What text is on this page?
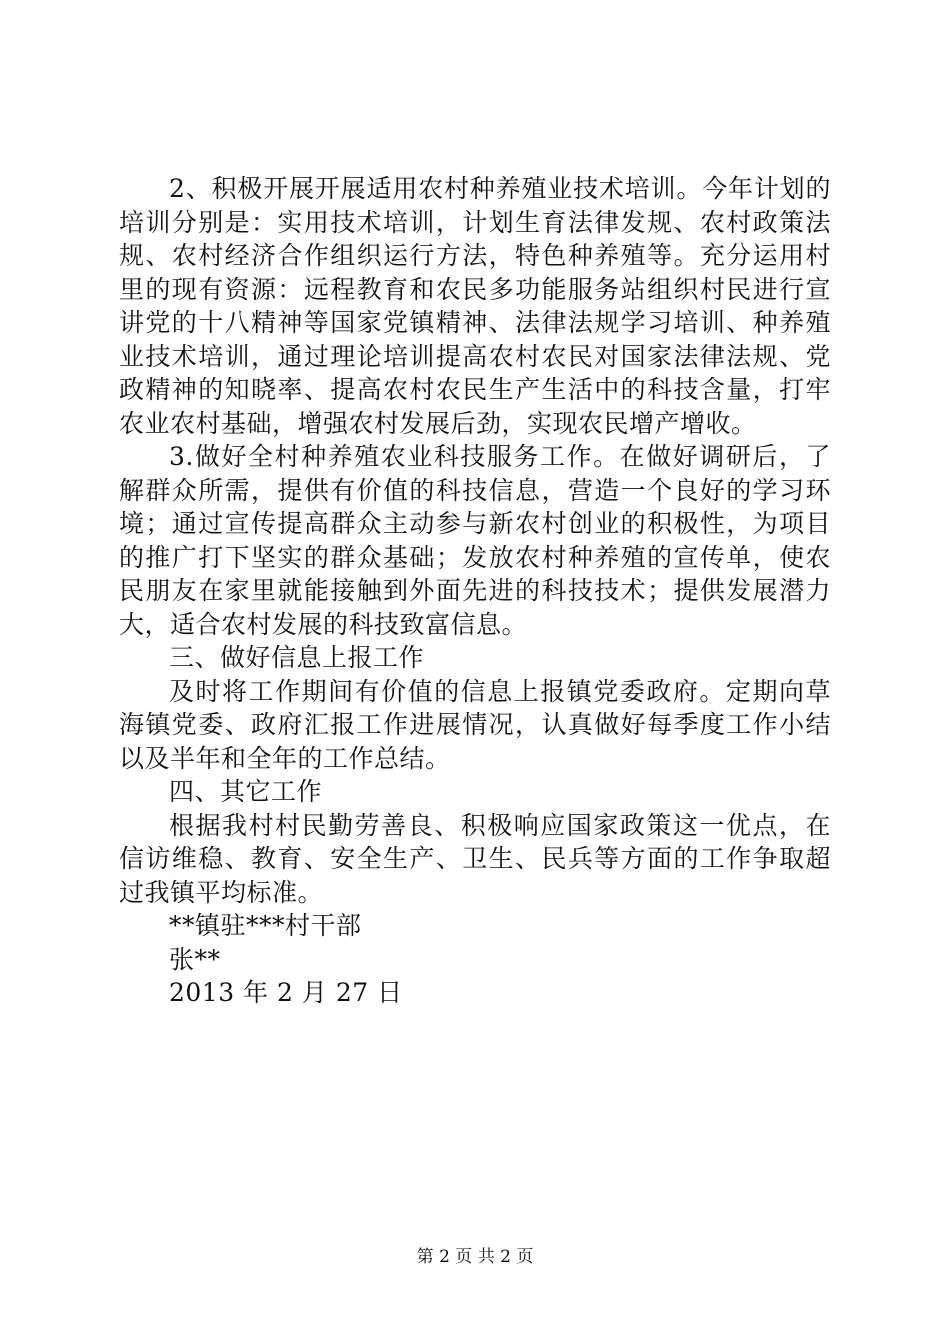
2、积极开展开展适用农村种养殖业技术培训。今年计划的培训分别是：实用技术培训，计划生育法律发规、农村政策法规、农村经济合作组织运行方法，特色种养殖等。充分运用村里的现有资源：远程教育和农民多功能服务站组织村民进行宣讲党的十八精神等国家党镇精神、法律法规学习培训、种养殖业技术培训，通过理论培训提高农村农民对国家法律法规、党政精神的知晓率、提高农村农民生产生活中的科技含量，打牢农业农村基础，增强农村发展后劲，实现农民增产增收。

3.做好全村种养殖农业科技服务工作。在做好调研后，了解群众所需，提供有价值的科技信息，营造一个良好的学习环境；通过宣传提高群众主动参与新农村创业的积极性，为项目的推广打下坚实的群众基础；发放农村种养殖的宣传单，使农民朋友在家里就能接触到外面先进的科技技术；提供发展潜力大，适合农村发展的科技致富信息。

三、做好信息上报工作

及时将工作期间有价值的信息上报镇党委政府。定期向草海镇党委、政府汇报工作进展情况，认真做好每季度工作小结以及半年和全年的工作总结。

四、其它工作

根据我村村民勤劳善良、积极响应国家政策这一优点，在信访维稳、教育、安全生产、卫生、民兵等方面的工作争取超过我镇平均标准。

**镇驻***村干部

张**

2013 年 2 月 27 日

第 2 页 共 2 页
